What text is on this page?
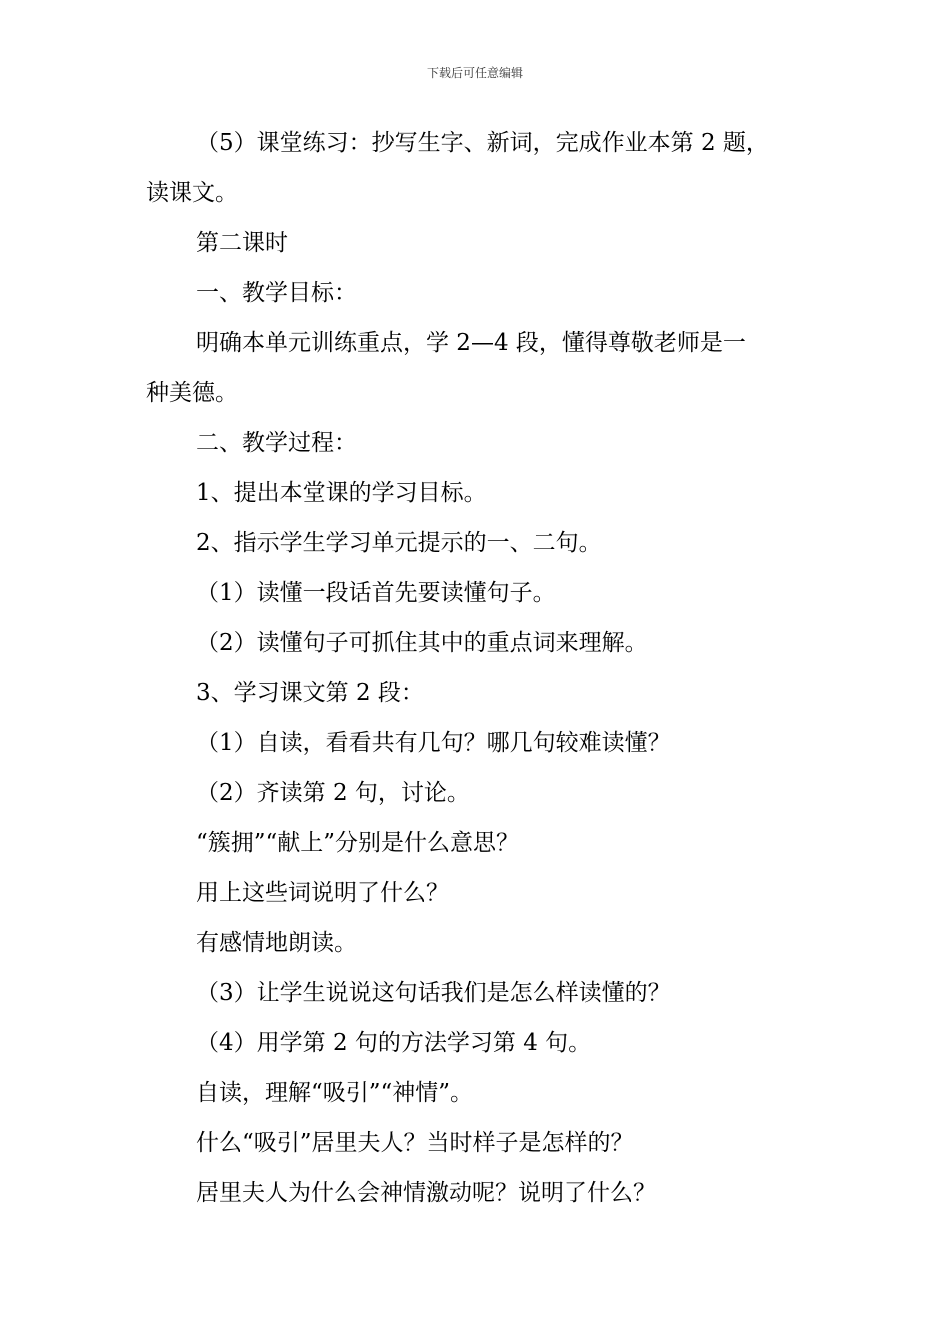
下载后可任意编辑
（5）课堂练习：抄写生字、新词，完成作业本第 2 题，
读课文。
第二课时
一、教学目标：
明确本单元训练重点，学 2—4 段，懂得尊敬老师是一
种美德。
二、教学过程：
1、提出本堂课的学习目标。
2、指示学生学习单元提示的一、二句。
（1）读懂一段话首先要读懂句子。
（2）读懂句子可抓住其中的重点词来理解。
3、学习课文第 2 段：
（1）自读，看看共有几句？哪几句较难读懂？
（2）齐读第 2 句，讨论。
“簇拥”“献上”分别是什么意思？
用上这些词说明了什么？
有感情地朗读。
（3）让学生说说这句话我们是怎么样读懂的？
（4）用学第 2 句的方法学习第 4 句。
自读，理解“吸引”“神情”。
什么“吸引”居里夫人？当时样子是怎样的？
居里夫人为什么会神情激动呢？说明了什么？
